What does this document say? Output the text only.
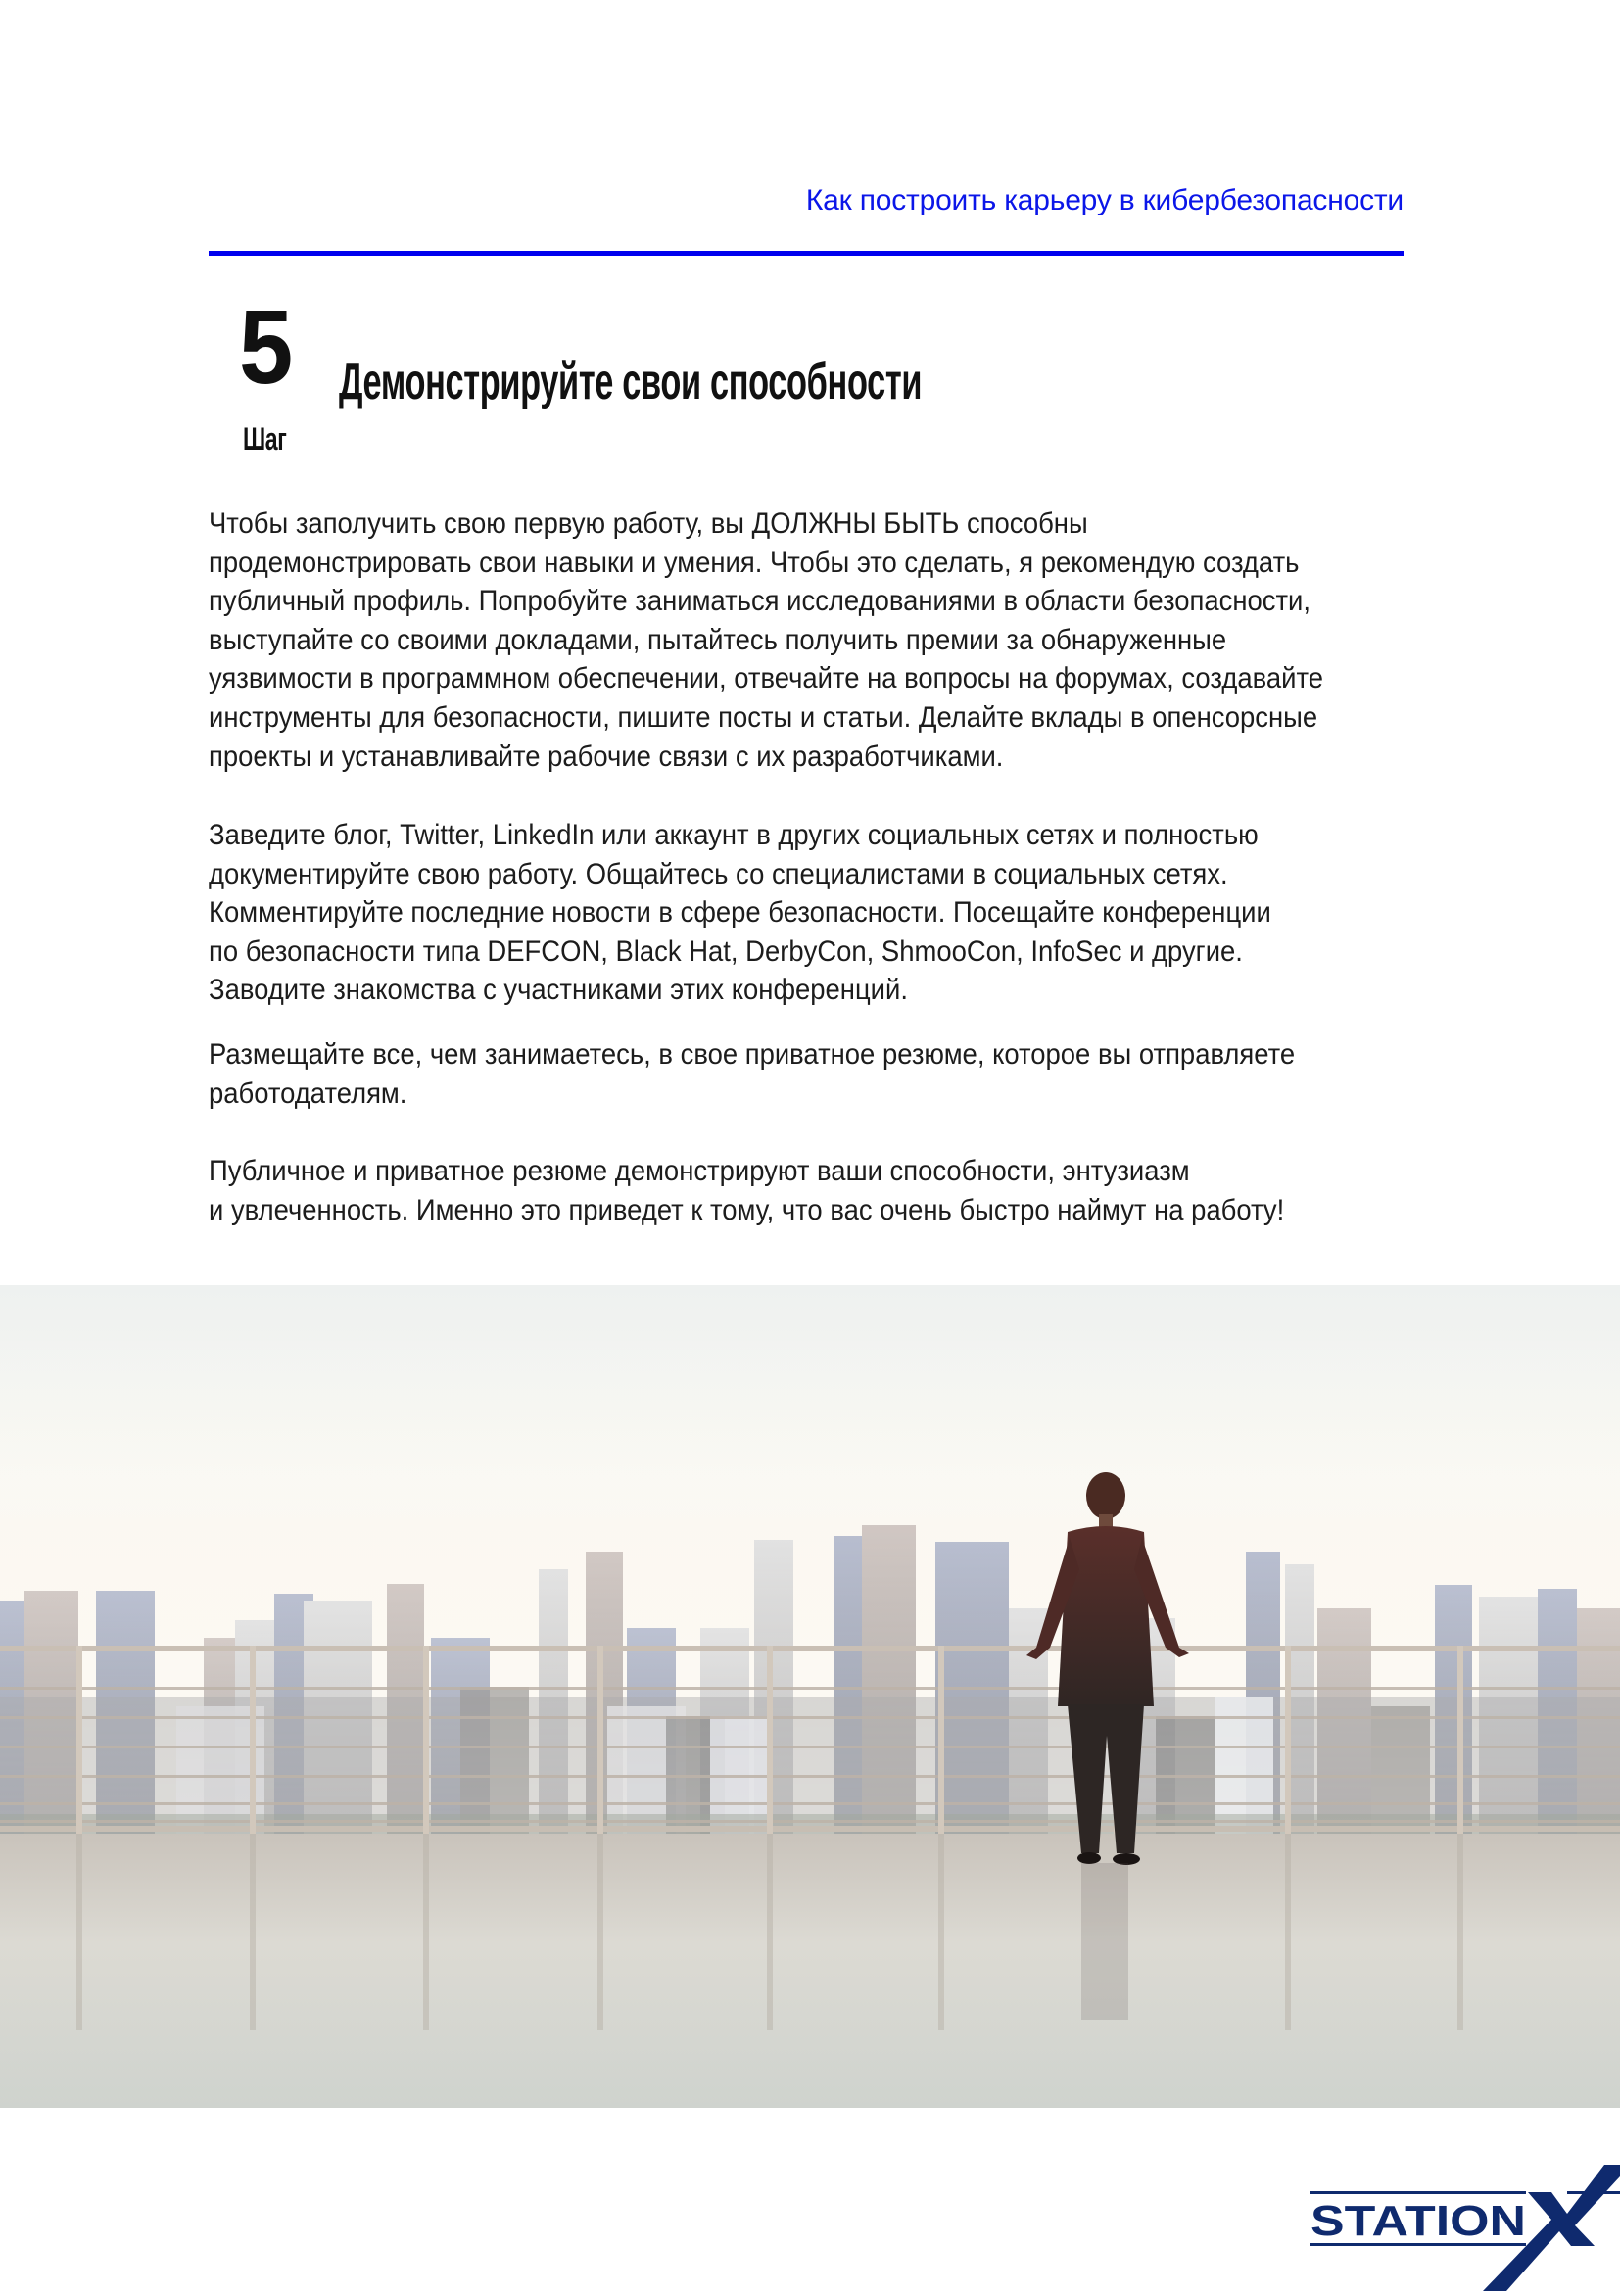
Как построить карьеру в кибербезопасности
5
Шаг
Демонстрируйте свои способности
Чтобы заполучить свою первую работу, вы ДОЛЖНЫ БЫТЬ способны
продемонстрировать свои навыки и умения. Чтобы это сделать, я рекомендую создать
публичный профиль. Попробуйте заниматься исследованиями в области безопасности,
выступайте со своими докладами, пытайтесь получить премии за обнаруженные
уязвимости в программном обеспечении, отвечайте на вопросы на форумах, создавайте
инструменты для безопасности, пишите посты и статьи. Делайте вклады в опенсорсные
проекты и устанавливайте рабочие связи с их разработчиками.
Заведите блог, Twitter, LinkedIn или аккаунт в других социальных сетях и полностью
документируйте свою работу. Общайтесь со специалистами в социальных сетях.
Комментируйте последние новости в сфере безопасности. Посещайте конференции
по безопасности типа DEFCON, Black Hat, DerbyCon, ShmooCon, InfoSec и другие.
Заводите знакомства с участниками этих конференций.
Размещайте все, чем занимаетесь, в свое приватное резюме, которое вы отправляете
работодателям.
Публичное и приватное резюме демонстрируют ваши способности, энтузиазм
и увлеченность. Именно это приведет к тому, что вас очень быстро наймут на работу!
STATION
